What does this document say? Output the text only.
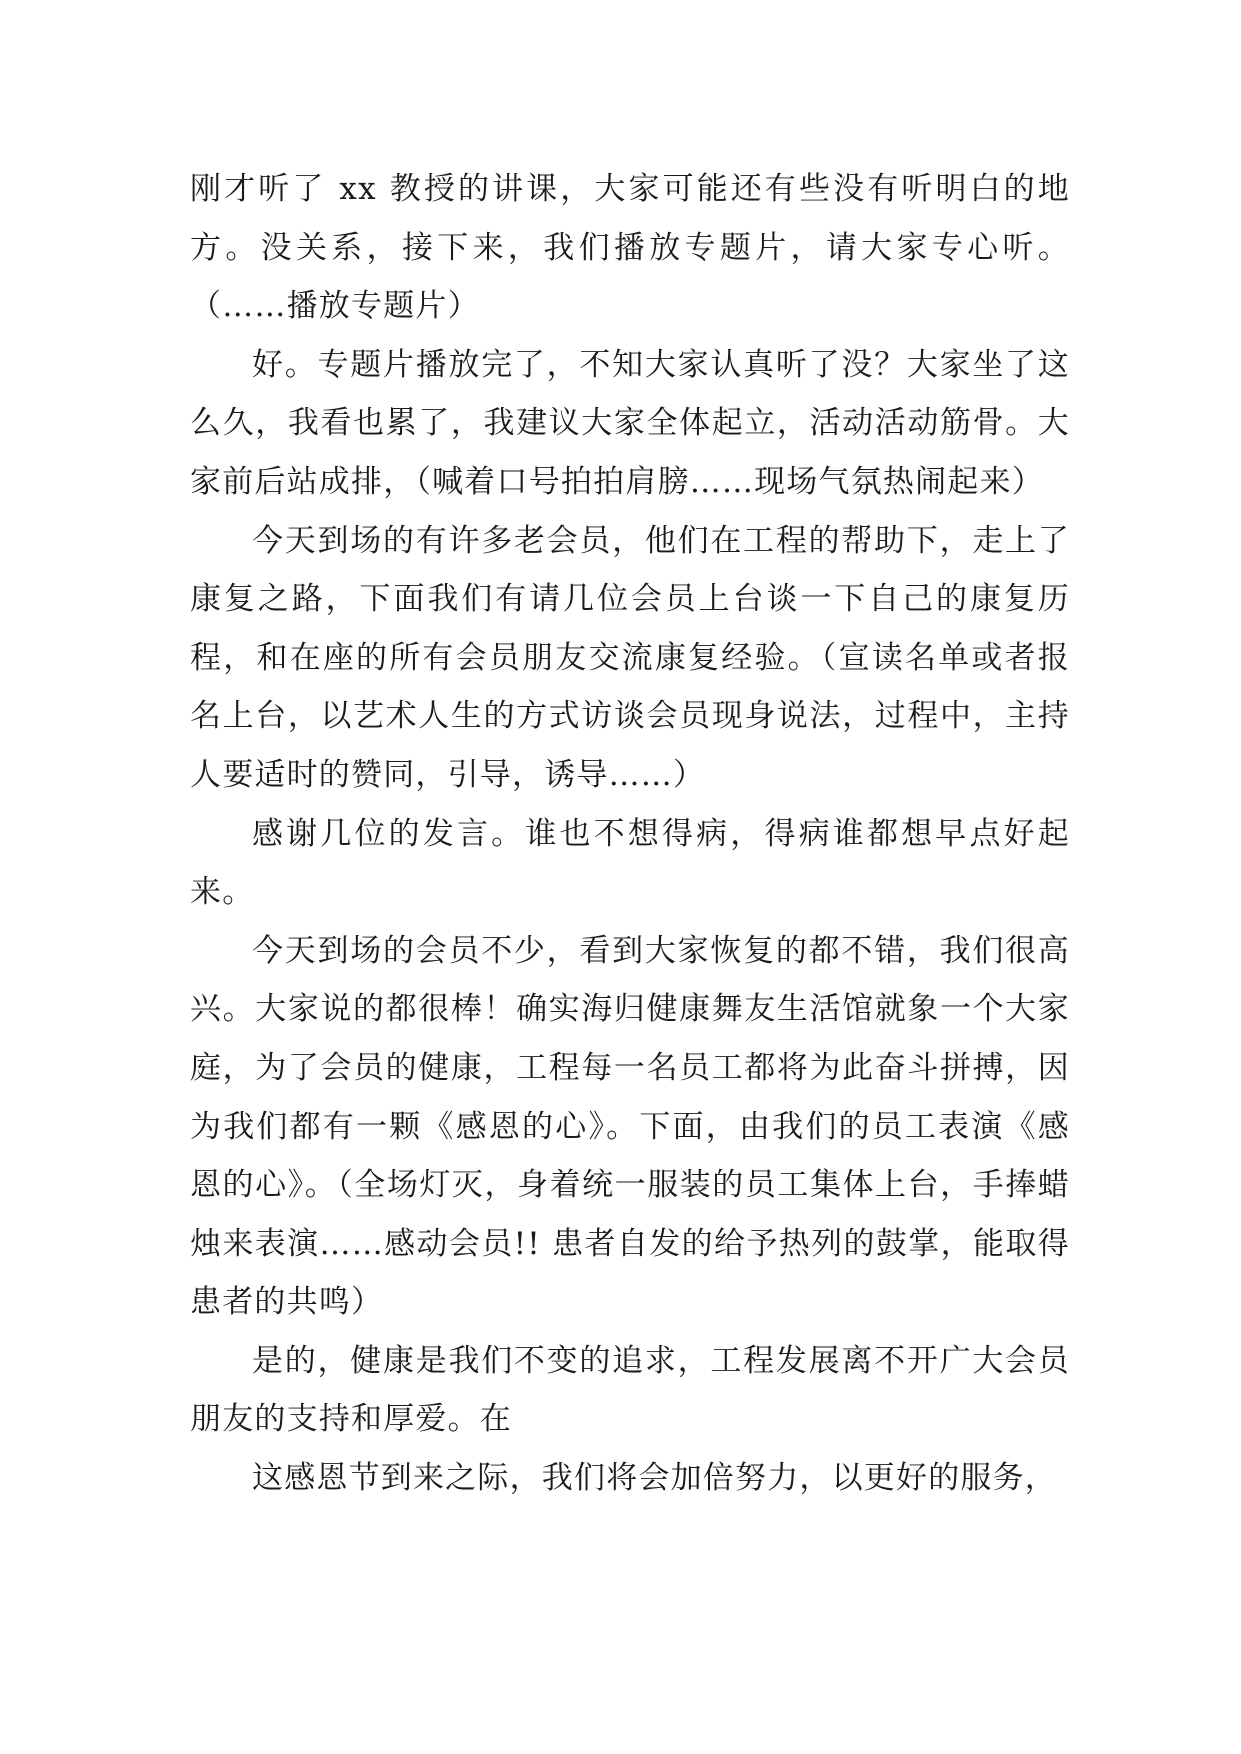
刚才听了 xx 教授的讲课，大家可能还有些没有听明白的地方。没关系，接下来，我们播放专题片，请大家专心听。（……播放专题片）

好。专题片播放完了，不知大家认真听了没？大家坐了这么久，我看也累了，我建议大家全体起立，活动活动筋骨。大家前后站成排，（喊着口号拍拍肩膀……现场气氛热闹起来）

今天到场的有许多老会员，他们在工程的帮助下，走上了康复之路，下面我们有请几位会员上台谈一下自己的康复历程，和在座的所有会员朋友交流康复经验。（宣读名单或者报名上台，以艺术人生的方式访谈会员现身说法，过程中，主持人要适时的赞同，引导，诱导……）

感谢几位的发言。谁也不想得病，得病谁都想早点好起来。

今天到场的会员不少，看到大家恢复的都不错，我们很高兴。大家说的都很棒！确实海归健康舞友生活馆就象一个大家庭，为了会员的健康，工程每一名员工都将为此奋斗拼搏，因为我们都有一颗《感恩的心》。下面，由我们的员工表演《感恩的心》。（全场灯灭，身着统一服装的员工集体上台，手捧蜡烛来表演……感动会员!! 患者自发的给予热列的鼓掌，能取得患者的共鸣）

是的，健康是我们不变的追求，工程发展离不开广大会员朋友的支持和厚爱。在

这感恩节到来之际，我们将会加倍努力，以更好的服务，
